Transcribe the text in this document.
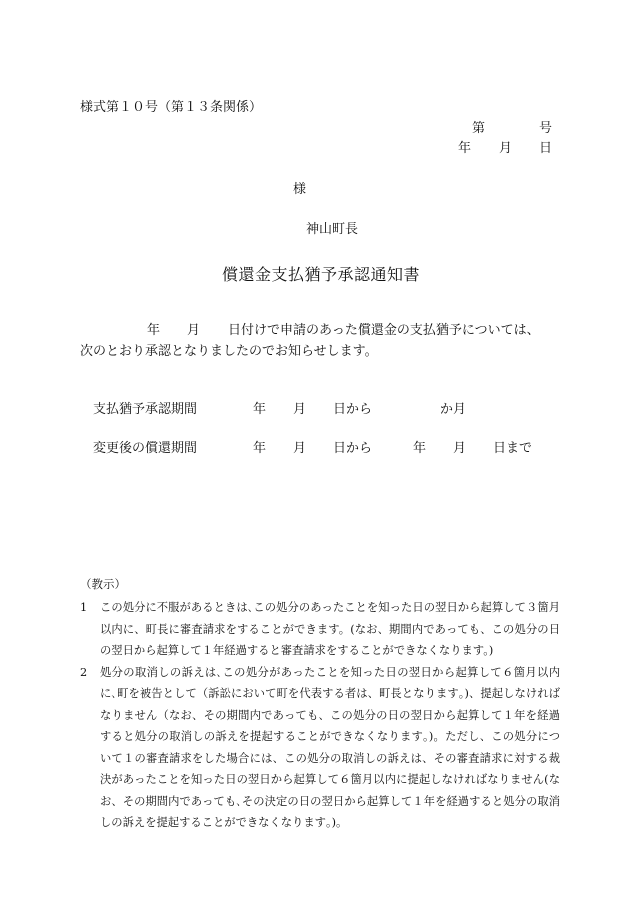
様式第１０号（第１３条関係）
第	号
年 月 日
様
神山町長
償還金支払猶予承認通知書
年 月 日付けで申請のあった償還金の支払猶予については、
次のとおり承認となりましたのでお知らせします。
支払猶予承認期間	年 月 日から	か月
変更後の償還期間	年 月 日から	年 月 日まで
（教示）
1	この処分に不服があるときは､この処分のあったことを知った日の翌日から起算して３箇月以内に、町長に審査請求をすることができます。(なお、期間内であっても、この処分の日の翌日から起算して１年経過すると審査請求をすることができなくなります。)
2	処分の取消しの訴えは､この処分があったことを知った日の翌日から起算して６箇月以内に､町を被告として（訴訟において町を代表する者は、町長となります｡)、提起しなければなりません（なお、その期間内であっても、この処分の日の翌日から起算して１年を経過すると処分の取消しの訴えを提起することができなくなります｡)。ただし、この処分について１の審査請求をした場合には、この処分の取消しの訴えは、その審査請求に対する裁決があったことを知った日の翌日から起算して６箇月以内に提起しなければなりません(なお、その期間内であっても､その決定の日の翌日から起算して１年を経過すると処分の取消しの訴えを提起することができなくなります｡)。
